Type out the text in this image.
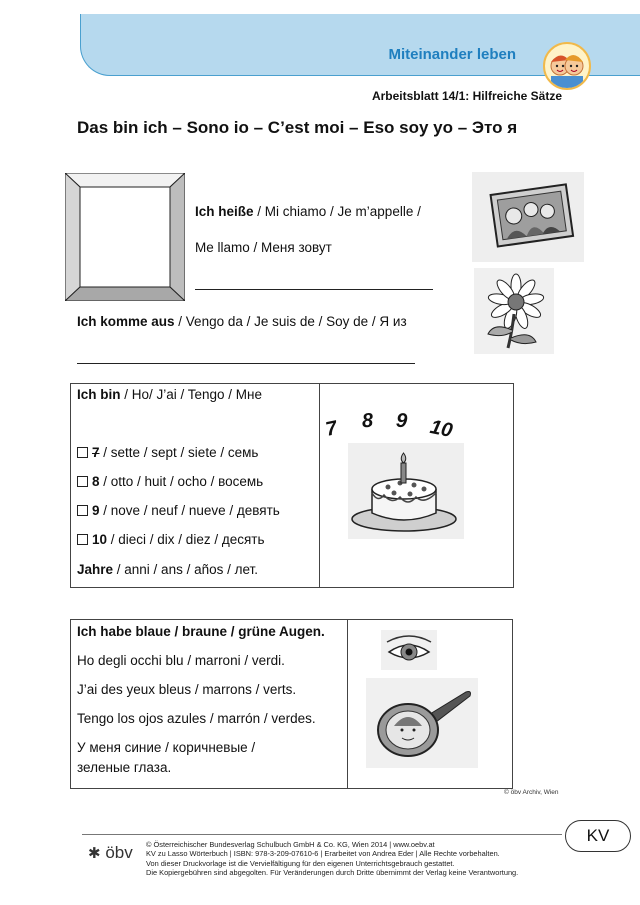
Miteinander leben
Arbeitsblatt 14/1: Hilfreiche Sätze
Das bin ich – Sono io – C’est moi – Eso soy yo – Это я
Ich heiße / Mi chiamo / Je m’appelle /
Me llamo / Меня зовут
Ich komme aus / Vengo da / Je suis de / Soy de / Я из
Ich bin / Ho/ J’ai / Tengo / Мне
7 / sette / sept / siete / семь
8 / otto / huit / ocho / восемь
9 / nove / neuf / nueve / девять
10 / dieci / dix / diez / десять
Jahre / anni / ans / años / лет.
7 8 9 10
Ich habe blaue / braune / grüne Augen.
Ho degli occhi blu / marroni / verdi.
J’ai des yeux bleus / marrons / verts.
Tengo los ojos azules / marrón / verdes.
У меня синие / коричневые /
зеленые глаза.
© öbv Archiv, Wien
✱ öbv © Österreichischer Bundesverlag Schulbuch GmbH & Co. KG, Wien 2014 | www.oebv.at
KV zu Lasso Wörterbuch | ISBN: 978-3-209-07610-6 | Erarbeitet von Andrea Eder | Alle Rechte vorbehalten.
Von dieser Druckvorlage ist die Vervielfältigung für den eigenen Unterrichtsgebrauch gestattet.
Die Kopiergebühren sind abgegolten. Für Veränderungen durch Dritte übernimmt der Verlag keine Verantwortung.
KV
